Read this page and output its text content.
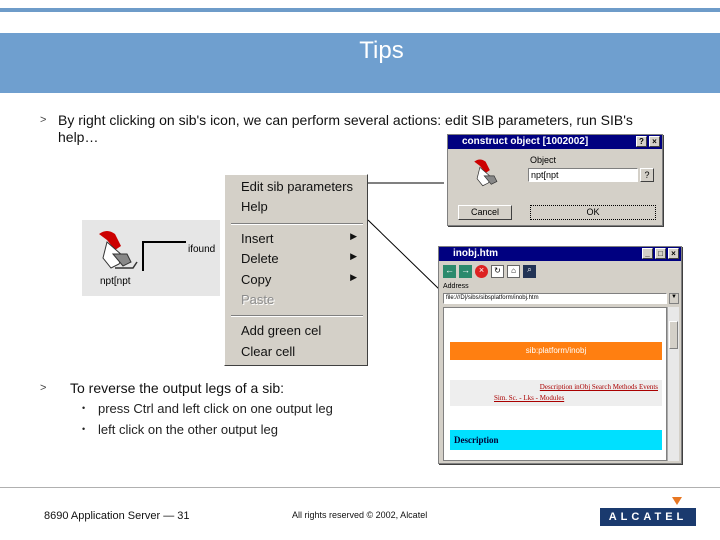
Tips
> By right clicking on sib's icon, we can perform several actions: edit SIB parameters, run SIB's help…
ifound
npt[npt
Edit sib parameters
Help
Insert	▶
Delete	▶
Copy	▶
Paste
Add green cel
Clear cell
construct object [1002002]	?	×
Object
npt[npt	?
Cancel	OK
inobj.htm	_	□	×
← → ×	↻	⌂	⌕
Address
file:///D|/sibs/sibsplatform/inobj.htm	▼
sib:platform/inobj
Description inObj Search Methods Events
Sim. Sc. - Lks - Modules
Description
> To reverse the output legs of a sib:
• press Ctrl and left click on one output leg
• left click on the other output leg
8690 Application Server — 31	All rights reserved © 2002, Alcatel	ALCATEL
